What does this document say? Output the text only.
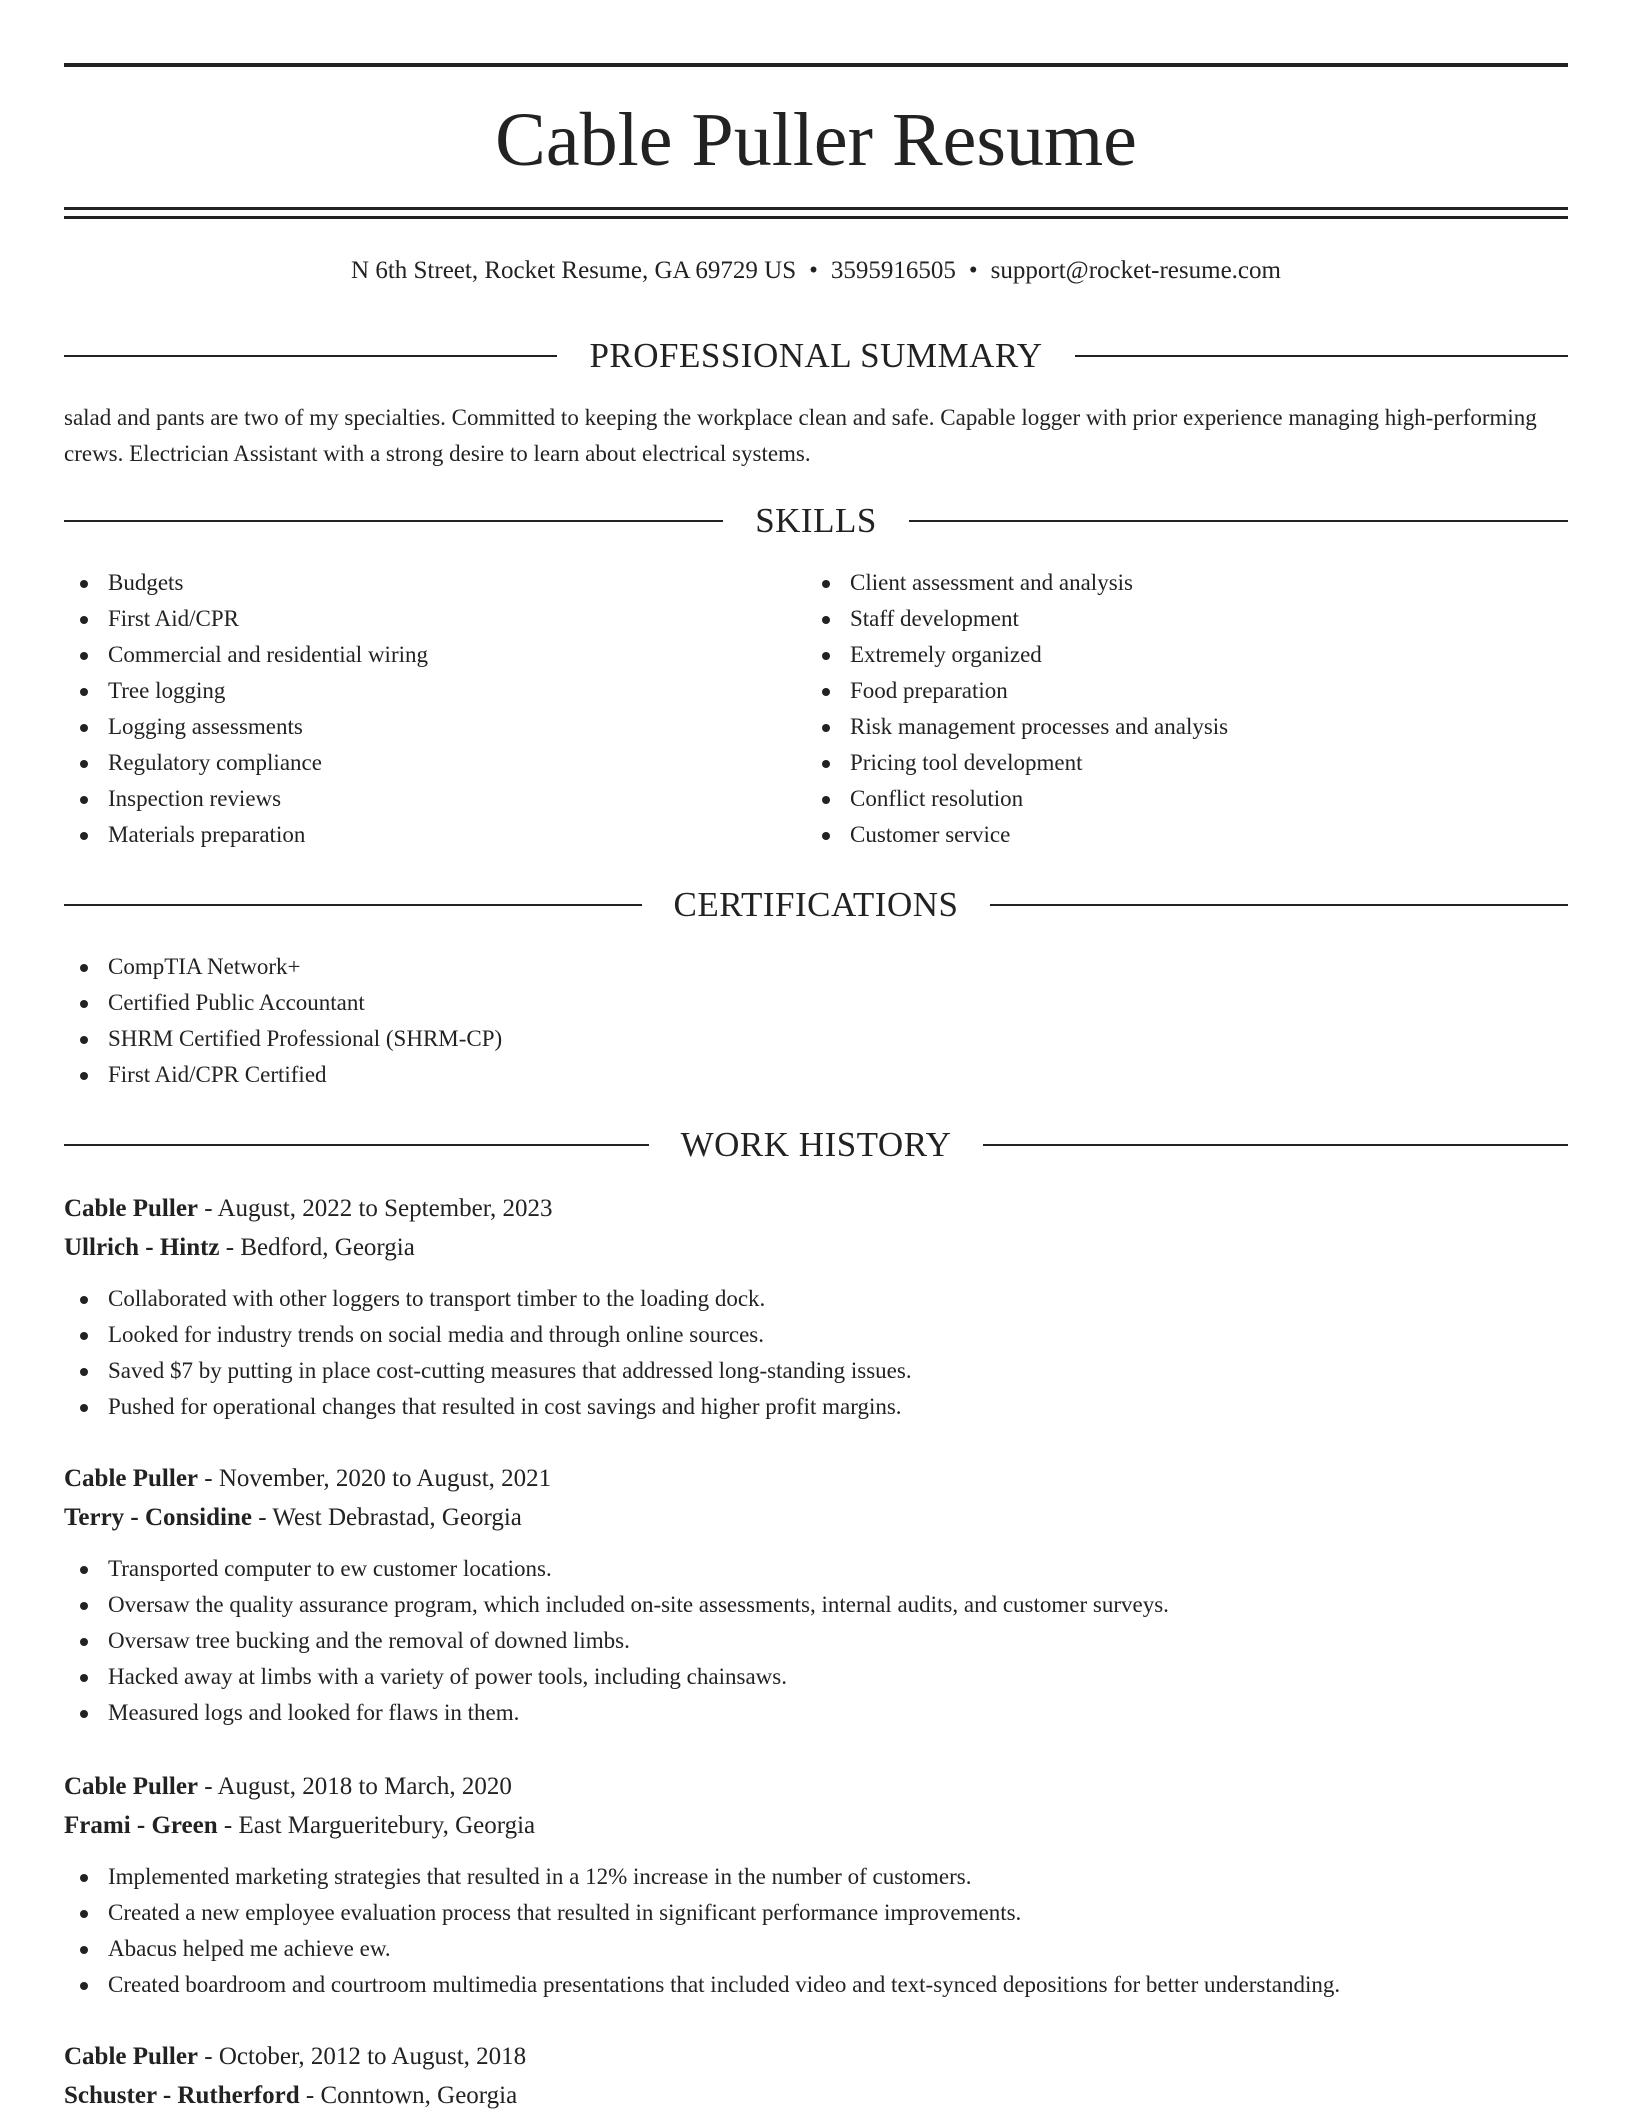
Cable Puller Resume
N 6th Street, Rocket Resume, GA 69729 US • 3595916505 • support@rocket-resume.com
PROFESSIONAL SUMMARY

salad and pants are two of my specialties. Committed to keeping the workplace clean and safe. Capable logger with prior experience managing high-performing crews. Electrician Assistant with a strong desire to learn about electrical systems.

SKILLS
Budgets
First Aid/CPR
Commercial and residential wiring
Tree logging
Logging assessments
Regulatory compliance
Inspection reviews
Materials preparation
Client assessment and analysis
Staff development
Extremely organized
Food preparation
Risk management processes and analysis
Pricing tool development
Conflict resolution
Customer service
CERTIFICATIONS
CompTIA Network+
Certified Public Accountant
SHRM Certified Professional (SHRM-CP)
First Aid/CPR Certified
WORK HISTORY
Cable Puller - August, 2022 to September, 2023
Ullrich - Hintz - Bedford, Georgia
Collaborated with other loggers to transport timber to the loading dock.
Looked for industry trends on social media and through online sources.
Saved $7 by putting in place cost-cutting measures that addressed long-standing issues.
Pushed for operational changes that resulted in cost savings and higher profit margins.
Cable Puller - November, 2020 to August, 2021
Terry - Considine - West Debrastad, Georgia
Transported computer to ew customer locations.
Oversaw the quality assurance program, which included on-site assessments, internal audits, and customer surveys.
Oversaw tree bucking and the removal of downed limbs.
Hacked away at limbs with a variety of power tools, including chainsaws.
Measured logs and looked for flaws in them.
Cable Puller - August, 2018 to March, 2020
Frami - Green - East Margueritebury, Georgia
Implemented marketing strategies that resulted in a 12% increase in the number of customers.
Created a new employee evaluation process that resulted in significant performance improvements.
Abacus helped me achieve ew.
Created boardroom and courtroom multimedia presentations that included video and text-synced depositions for better understanding.
Cable Puller - October, 2012 to August, 2018
Schuster - Rutherford - Conntown, Georgia
